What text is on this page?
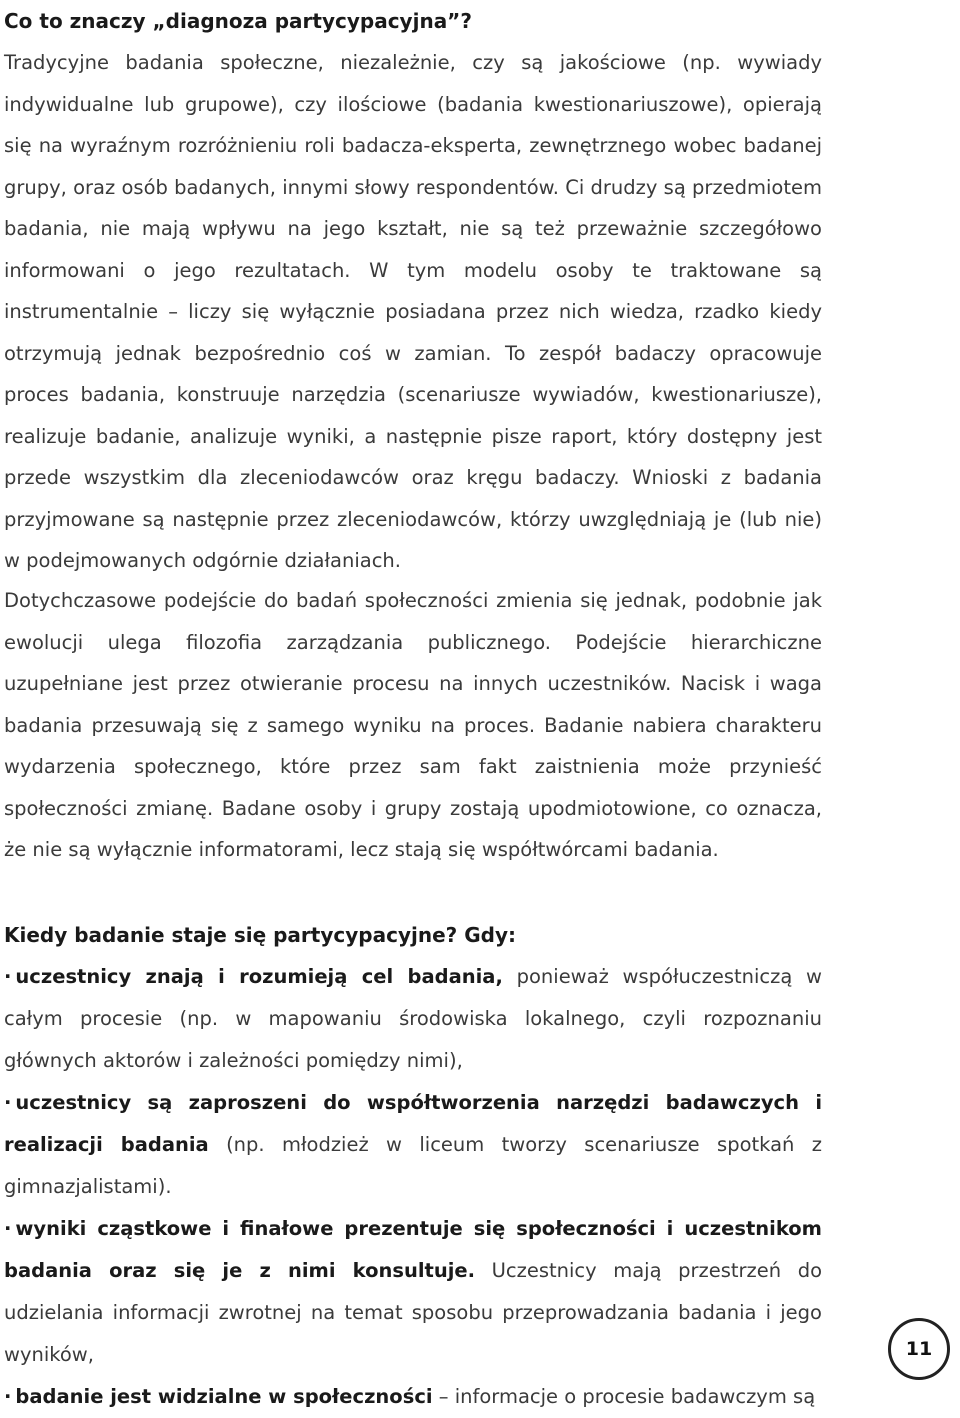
Co to znaczy „diagnoza partycypacyjna”?

Tradycyjne badania społeczne, niezależnie, czy są jakościowe (np. wywiady indywidualne lub grupowe), czy ilościowe (badania kwestionariuszowe), opierają się na wyraźnym rozróżnieniu roli badacza-eksperta, zewnętrznego wobec badanej grupy, oraz osób badanych, innymi słowy respondentów. Ci drudzy są przedmiotem badania, nie mają wpływu na jego kształt, nie są też przeważnie szczegółowo informowani o jego rezultatach. W tym modelu osoby te traktowane są instrumentalnie – liczy się wyłącznie posiadana przez nich wiedza, rzadko kiedy otrzymują jednak bezpośrednio coś w zamian. To zespół badaczy opracowuje proces badania, konstruuje narzędzia (scenariusze wywiadów, kwestionariusze), realizuje badanie, analizuje wyniki, a następnie pisze raport, który dostępny jest przede wszystkim dla zleceniodawców oraz kręgu badaczy. Wnioski z badania przyjmowane są następnie przez zleceniodawców, którzy uwzględniają je (lub nie) w podejmowanych odgórnie działaniach.

Dotychczasowe podejście do badań społeczności zmienia się jednak, podobnie jak ewolucji ulega filozofia zarządzania publicznego. Podejście hierarchiczne uzupełniane jest przez otwieranie procesu na innych uczestników. Nacisk i waga badania przesuwają się z samego wyniku na proces. Badanie nabiera charakteru wydarzenia społecznego, które przez sam fakt zaistnienia może przynieść społeczności zmianę. Badane osoby i grupy zostają upodmiotowione, co oznacza, że nie są wyłącznie informatorami, lecz stają się współtwórcami badania.

Kiedy badanie staje się partycypacyjne? Gdy:

· uczestnicy znają i rozumieją cel badania, ponieważ współuczestniczą w całym procesie (np. w mapowaniu środowiska lokalnego, czyli rozpoznaniu głównych aktorów i zależności pomiędzy nimi),

· uczestnicy są zaproszeni do współtworzenia narzędzi badawczych i realizacji badania (np. młodzież w liceum tworzy scenariusze spotkań z gimnazjalistami).

· wyniki cząstkowe i finałowe prezentuje się społeczności i uczestnikom badania oraz się je z nimi konsultuje. Uczestnicy mają przestrzeń do udzielania informacji zwrotnej na temat sposobu przeprowadzania badania i jego wyników,

· badanie jest widzialne w społeczności – informacje o procesie badawczym są

11
